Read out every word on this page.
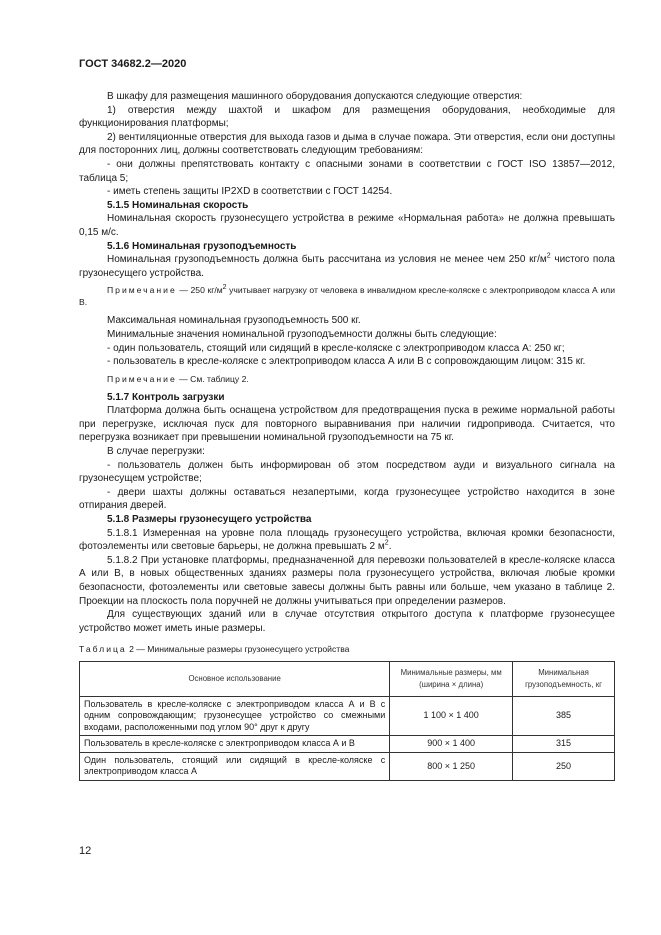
ГОСТ 34682.2—2020

В шкафу для размещения машинного оборудования допускаются следующие отверстия:

1) отверстия между шахтой и шкафом для размещения оборудования, необходимые для функционирования платформы;

2) вентиляционные отверстия для выхода газов и дыма в случае пожара. Эти отверстия, если они доступны для посторонних лиц, должны соответствовать следующим требованиям:

- они должны препятствовать контакту с опасными зонами в соответствии с ГОСТ ISO 13857—2012, таблица 5;

- иметь степень защиты IP2XD в соответствии с ГОСТ 14254.

5.1.5 Номинальная скорость

Номинальная скорость грузонесущего устройства в режиме «Нормальная работа» не должна превышать 0,15 м/с.

5.1.6 Номинальная грузоподъемность

Номинальная грузоподъемность должна быть рассчитана из условия не менее чем 250 $кг/м^2$ чистого пола грузонесущего устройства.

Примечание — 250 $кг/м^2$ учитывает нагрузку от человека в инвалидном кресле-коляске с электроприводом класса А или В.

Максимальная номинальная грузоподъемность 500 кг.

Минимальные значения номинальной грузоподъемности должны быть следующие:

- один пользователь, стоящий или сидящий в кресле-коляске с электроприводом класса А: 250 кг;

- пользователь в кресле-коляске с электроприводом класса А или В с сопровождающим лицом: 315 кг.

Примечание — См. таблицу 2.

5.1.7 Контроль загрузки

Платформа должна быть оснащена устройством для предотвращения пуска в режиме нормальной работы при перегрузке, исключая пуск для повторного выравнивания при наличии гидропривода. Считается, что перегрузка возникает при превышении номинальной грузоподъемности на 75 кг.

В случае перегрузки:

- пользователь должен быть информирован об этом посредством ауди и визуального сигнала на грузонесущем устройстве;

- двери шахты должны оставаться незапертыми, когда грузонесущее устройство находится в зоне отпирания дверей.

5.1.8 Размеры грузонесущего устройства

5.1.8.1 Измеренная на уровне пола площадь грузонесущего устройства, включая кромки безопасности, фотоэлементы или световые барьеры, не должна превышать 2 $м^2$.

5.1.8.2 При установке платформы, предназначенной для перевозки пользователей в кресле-коляске класса А или В, в новых общественных зданиях размеры пола грузонесущего устройства, включая любые кромки безопасности, фотоэлементы или световые завесы должны быть равны или больше, чем указано в таблице 2. Проекции на плоскость пола поручней не должны учитываться при определении размеров.

Для существующих зданий или в случае отсутствия открытого доступа к платформе грузонесущее устройство может иметь иные размеры.

Таблица 2 — Минимальные размеры грузонесущего устройства

Основное использование	Минимальные размеры, мм (ширина × длина)	Минимальная грузоподъемность, кг
Пользователь в кресле-коляске с электроприводом класса А и В с одним сопровождающим; грузонесущее устройство со смежными входами, расположенными под углом 90° друг к другу	1 100 × 1 400	385
Пользователь в кресле-коляске с электроприводом класса А и В	900 × 1 400	315
Один пользователь, стоящий или сидящий в кресле-коляске с электроприводом класса А	800 × 1 250	250
12
